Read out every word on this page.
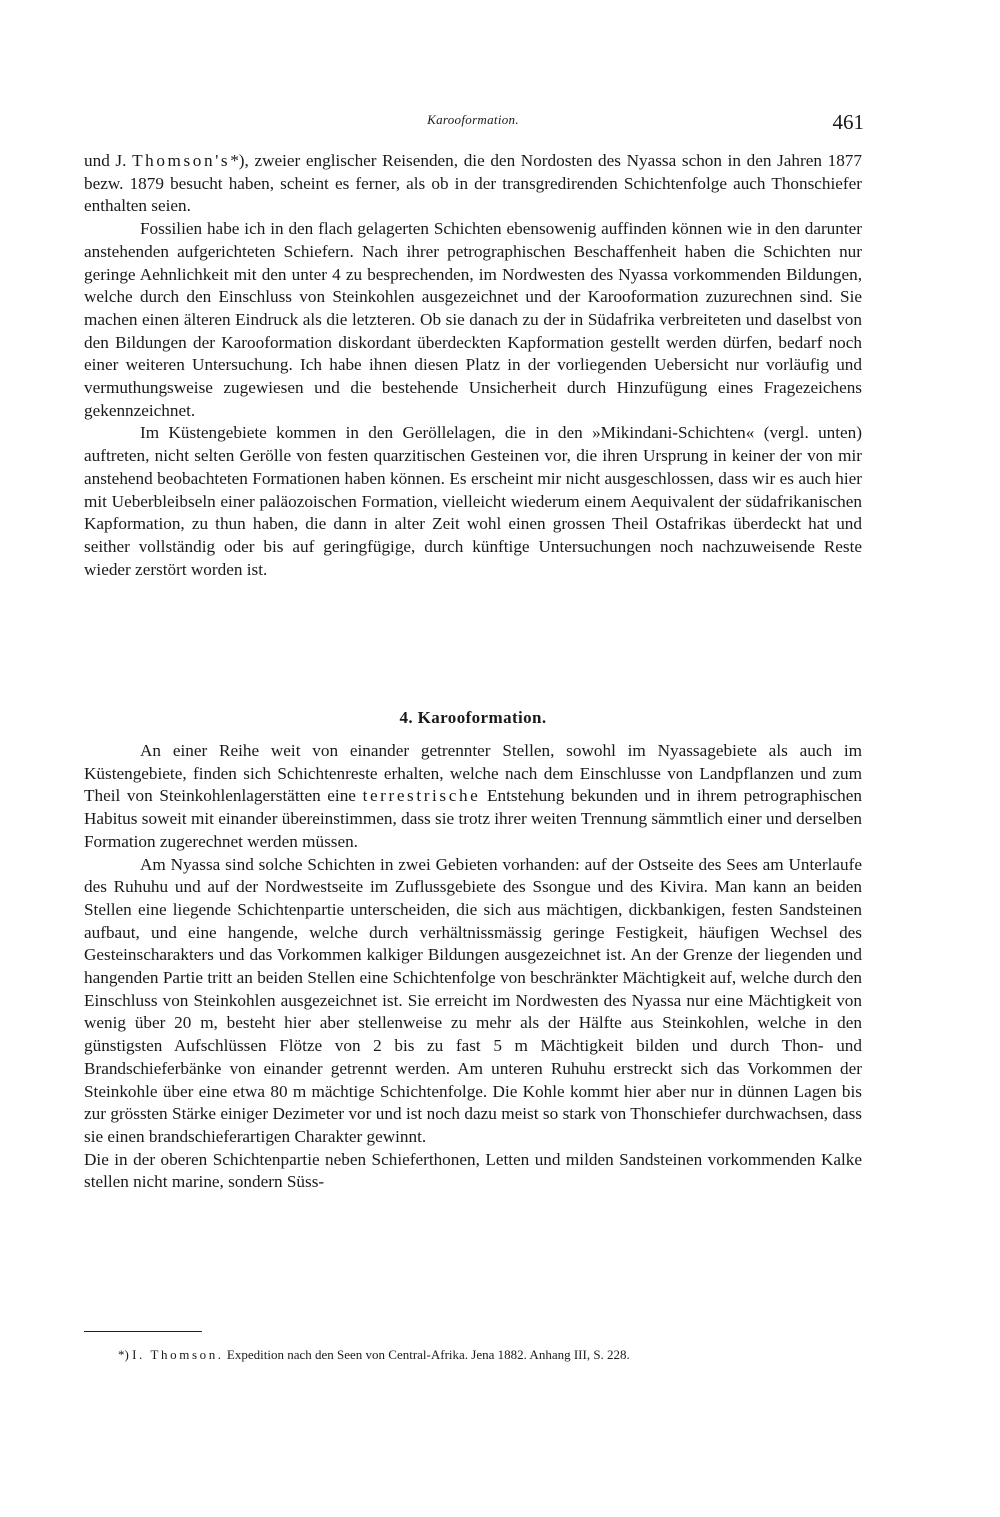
Karooformation.	461

und J. Thomson's*), zweier englischer Reisenden, die den Nordosten des Nyassa schon in den Jahren 1877 bezw. 1879 besucht haben, scheint es ferner, als ob in der transgredirenden Schichtenfolge auch Thonschiefer enthalten seien.

Fossilien habe ich in den flach gelagerten Schichten ebensowenig auffinden können wie in den darunter anstehenden aufgerichteten Schiefern. Nach ihrer petrographischen Beschaffenheit haben die Schichten nur geringe Aehnlichkeit mit den unter 4 zu besprechenden, im Nordwesten des Nyassa vorkommenden Bildungen, welche durch den Einschluss von Steinkohlen ausgezeichnet und der Karooformation zuzurechnen sind. Sie machen einen älteren Eindruck als die letzteren. Ob sie danach zu der in Südafrika verbreiteten und daselbst von den Bildungen der Karooformation diskordant überdeckten Kapformation gestellt werden dürfen, bedarf noch einer weiteren Untersuchung. Ich habe ihnen diesen Platz in der vorliegenden Uebersicht nur vorläufig und vermuthungsweise zugewiesen und die bestehende Unsicherheit durch Hinzufügung eines Fragezeichens gekennzeichnet.

Im Küstengebiete kommen in den Geröllelagen, die in den »Mikindani-Schichten« (vergl. unten) auftreten, nicht selten Gerölle von festen quarzitischen Gesteinen vor, die ihren Ursprung in keiner der von mir anstehend beobachteten Formationen haben können. Es erscheint mir nicht ausgeschlossen, dass wir es auch hier mit Ueberbleibseln einer paläozoischen Formation, vielleicht wiederum einem Aequivalent der südafrikanischen Kapformation, zu thun haben, die dann in alter Zeit wohl einen grossen Theil Ostafrikas überdeckt hat und seither vollständig oder bis auf geringfügige, durch künftige Untersuchungen noch nachzuweisende Reste wieder zerstört worden ist.

4. Karooformation.

An einer Reihe weit von einander getrennter Stellen, sowohl im Nyassagebiete als auch im Küstengebiete, finden sich Schichtenreste erhalten, welche nach dem Einschlusse von Landpflanzen und zum Theil von Steinkohlenlagerstätten eine terrestrische Entstehung bekunden und in ihrem petrographischen Habitus soweit mit einander übereinstimmen, dass sie trotz ihrer weiten Trennung sämmtlich einer und derselben Formation zugerechnet werden müssen.

Am Nyassa sind solche Schichten in zwei Gebieten vorhanden: auf der Ostseite des Sees am Unterlaufe des Ruhuhu und auf der Nordwestseite im Zuflussgebiete des Ssongue und des Kivira. Man kann an beiden Stellen eine liegende Schichtenpartie unterscheiden, die sich aus mächtigen, dickbankigen, festen Sandsteinen aufbaut, und eine hangende, welche durch verhältnissmässig geringe Festigkeit, häufigen Wechsel des Gesteinscharakters und das Vorkommen kalkiger Bildungen ausgezeichnet ist. An der Grenze der liegenden und hangenden Partie tritt an beiden Stellen eine Schichtenfolge von beschränkter Mächtigkeit auf, welche durch den Einschluss von Steinkohlen ausgezeichnet ist. Sie erreicht im Nordwesten des Nyassa nur eine Mächtigkeit von wenig über 20 m, besteht hier aber stellenweise zu mehr als der Hälfte aus Steinkohlen, welche in den günstigsten Aufschlüssen Flötze von 2 bis zu fast 5 m Mächtigkeit bilden und durch Thon- und Brandschieferbänke von einander getrennt werden. Am unteren Ruhuhu erstreckt sich das Vorkommen der Steinkohle über eine etwa 80 m mächtige Schichtenfolge. Die Kohle kommt hier aber nur in dünnen Lagen bis zur grössten Stärke einiger Dezimeter vor und ist noch dazu meist so stark von Thonschiefer durchwachsen, dass sie einen brandschieferartigen Charakter gewinnt.

Die in der oberen Schichtenpartie neben Schieferthonen, Letten und milden Sandsteinen vorkommenden Kalke stellen nicht marine, sondern Süss-

*) I. Thomson. Expedition nach den Seen von Central-Afrika. Jena 1882. Anhang III, S. 228.
